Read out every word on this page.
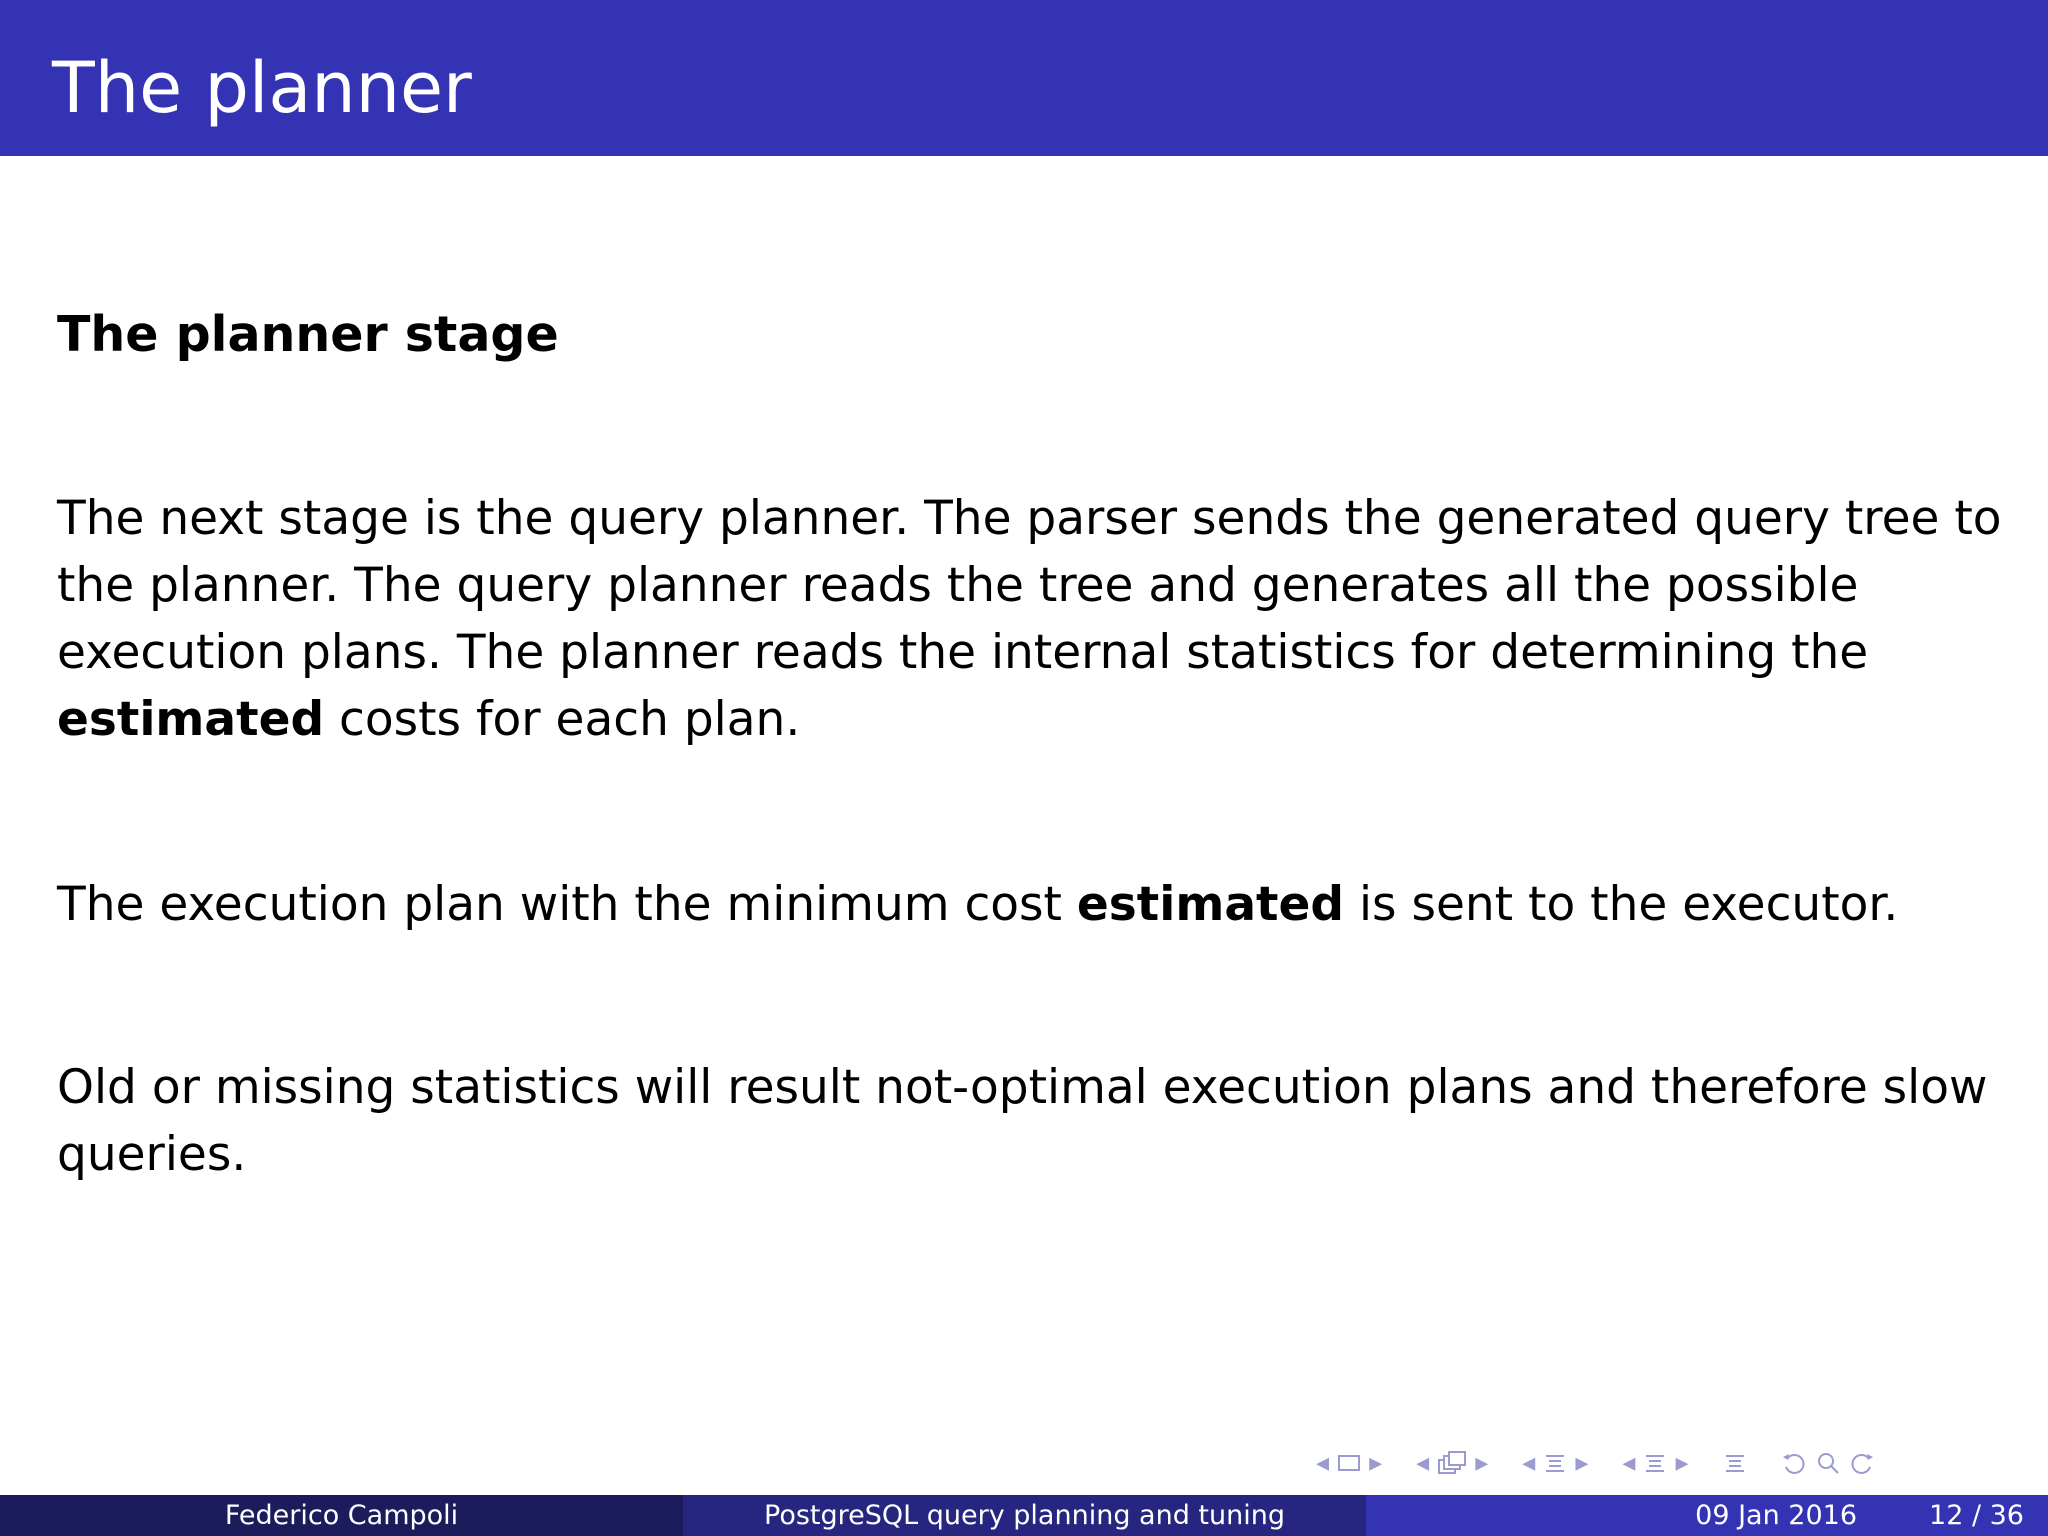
The planner
The planner stage
The next stage is the query planner. The parser sends the generated query tree to
the planner. The query planner reads the tree and generates all the possible
execution plans. The planner reads the internal statistics for determining the
estimated costs for each plan.
The execution plan with the minimum cost estimated is sent to the executor.
Old or missing statistics will result not-optimal execution plans and therefore slow
queries.
◂ ▸ ◂ ▸ ◂ ▸ ◂ ▸
Federico Campoli	PostgreSQL query planning and tuning	09 Jan 2016	12 / 36
